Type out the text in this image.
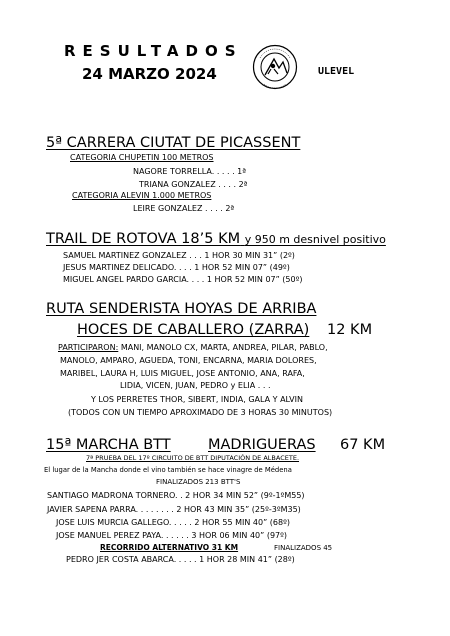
RESULTADOS
24 MARZO 2024	ULEVEL
5ª CARRERA CIUTAT DE PICASSENT
CATEGORIA CHUPETIN 100 METROS
NAGORE TORRELLA. . . . . 1ª
TRIANA GONZALEZ . . . . 2ª
CATEGORIA ALEVIN 1.000 METROS
LEIRE GONZALEZ . . . . 2ª
TRAIL DE ROTOVA 18’5 KM y 950 m desnivel positivo
SAMUEL MARTINEZ GONZALEZ . . . 1 HOR 30 MIN 31” (2º)
JESUS MARTINEZ DELICADO. . . . 1 HOR 52 MIN 07” (49º)
MIGUEL ANGEL PARDO GARCIA. . . . 1 HOR 52 MIN 07” (50º)
RUTA SENDERISTA HOYAS DE ARRIBA
HOCES DE CABALLERO (ZARRA) 12 KM
PARTICIPARON: MANI, MANOLO CX, MARTA, ANDREA, PILAR, PABLO,
MANOLO, AMPARO, AGUEDA, TONI, ENCARNA, MARIA DOLORES,
MARIBEL, LAURA H, LUIS MIGUEL, JOSE ANTONIO, ANA, RAFA,
LIDIA, VICEN, JUAN, PEDRO y ELIA . . .
Y LOS PERRETES THOR, SIBERT, INDIA, GALA Y ALVIN
(TODOS CON UN TIEMPO APROXIMADO DE 3 HORAS 30 MINUTOS)
15ª MARCHA BTT	MADRIGUERAS 67 KM
7ª PRUEBA DEL 17º CIRCUITO DE BTT DIPUTACIÓN DE ALBACETE.
El lugar de la Mancha donde el vino también se hace vinagre de Médena
FINALIZADOS 213 BTT'S
SANTIAGO MADRONA TORNERO. . 2 HOR 34 MIN 52” (9º-1ºM55)
JAVIER SAPENA PARRA. . . . . . . . 2 HOR 43 MIN 35” (25º-3ºM35)
JOSE LUIS MURCIA GALLEGO. . . . . 2 HOR 55 MIN 40” (68º)
JOSE MANUEL PEREZ PAYA. . . . . . 3 HOR 06 MIN 40” (97º)
RECORRIDO ALTERNATIVO 31 KM	FINALIZADOS 45
PEDRO JER COSTA ABARCA. . . . . 1 HOR 28 MIN 41” (28º)
